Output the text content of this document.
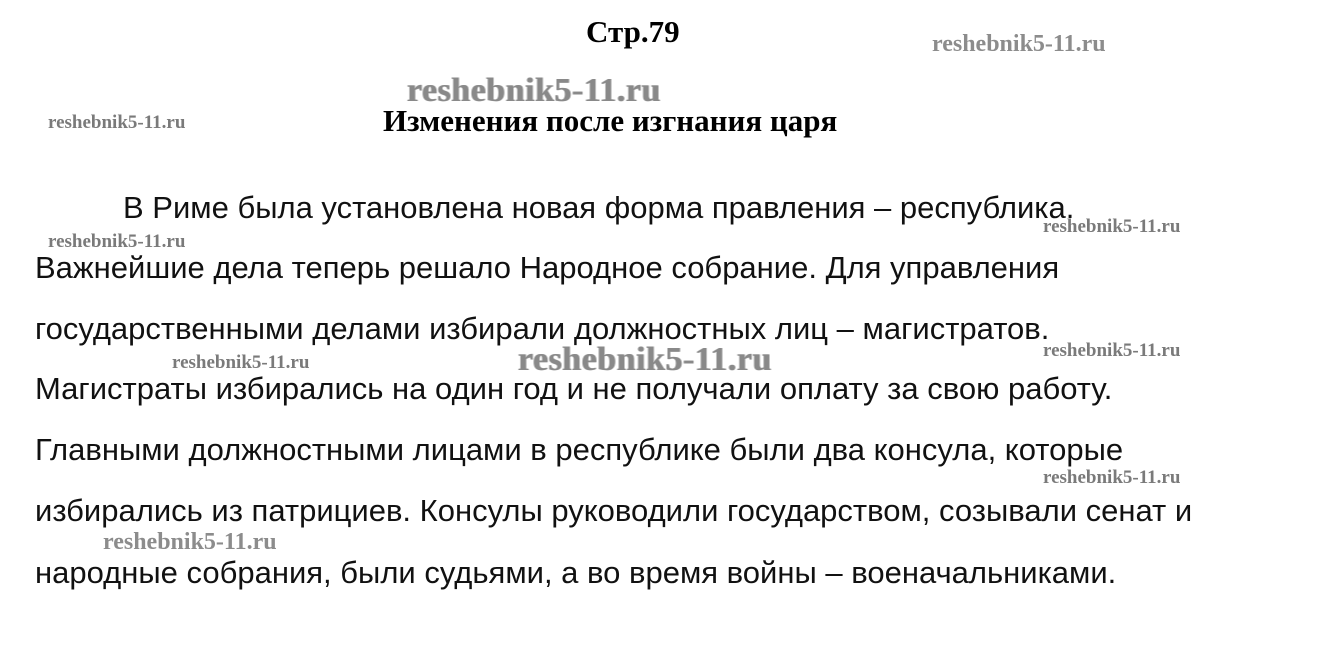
Стр.79
Изменения после изгнания царя
В Риме была установлена новая форма правления – республика.
Важнейшие дела теперь решало Народное собрание. Для управления
государственными делами избирали должностных лиц – магистратов.
Магистраты избирались на один год и не получали оплату за свою работу.
Главными должностными лицами в республике были два консула, которые
избирались из патрициев. Консулы руководили государством, созывали сенат и
народные собрания, были судьями, а во время войны – военачальниками.
reshebnik5-11.ru
reshebnik5-11.ru
reshebnik5-11.ru
reshebnik5-11.ru
reshebnik5-11.ru
reshebnik5-11.ru
reshebnik5-11.ru
reshebnik5-11.ru
reshebnik5-11.ru
reshebnik5-11.ru
